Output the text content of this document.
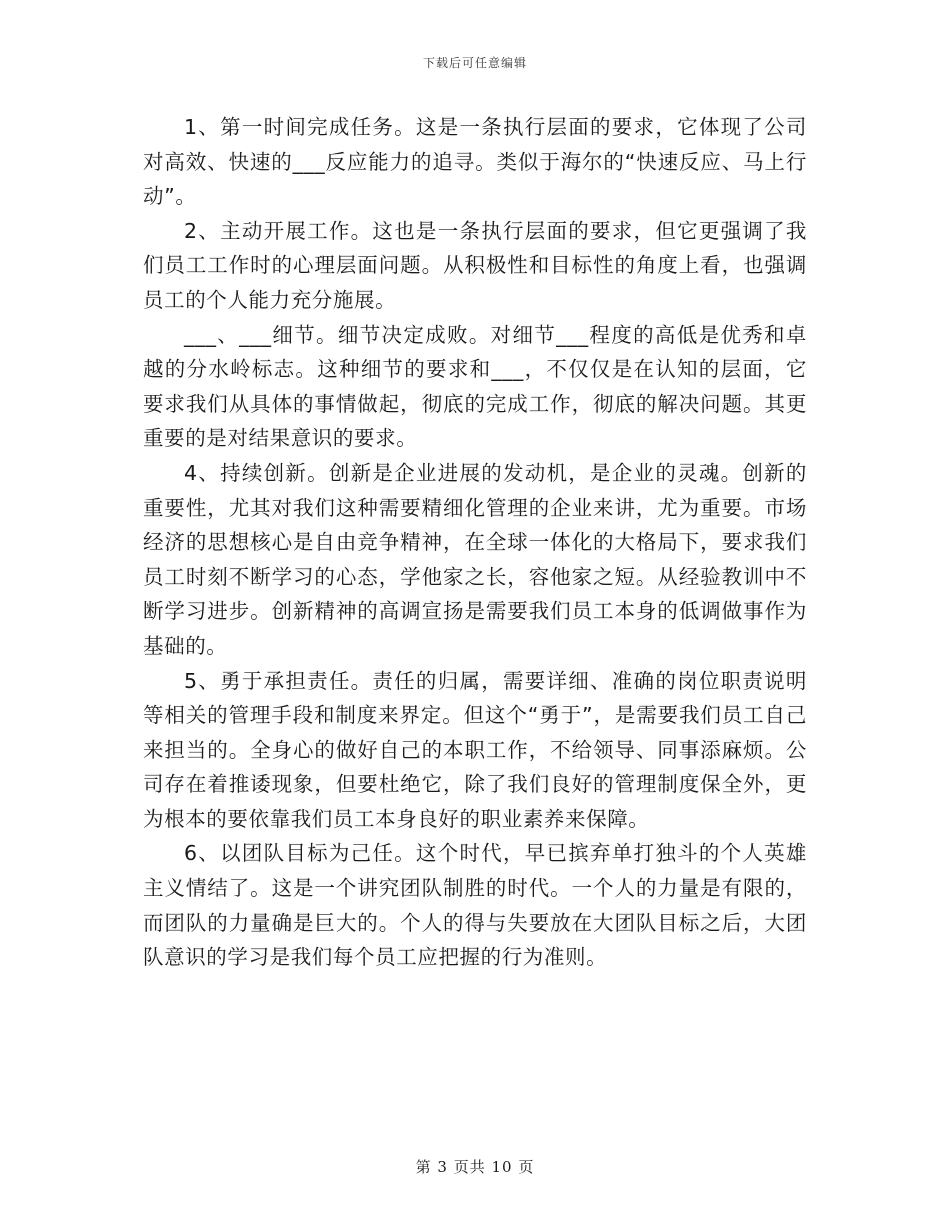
下载后可任意编辑

1、第一时间完成任务。这是一条执行层面的要求，它体现了公司对高效、快速的___反应能力的追寻。类似于海尔的“快速反应、马上行动”。

2、主动开展工作。这也是一条执行层面的要求，但它更强调了我们员工工作时的心理层面问题。从积极性和目标性的角度上看，也强调员工的个人能力充分施展。

___、___细节。细节决定成败。对细节___程度的高低是优秀和卓越的分水岭标志。这种细节的要求和___，不仅仅是在认知的层面，它要求我们从具体的事情做起，彻底的完成工作，彻底的解决问题。其更重要的是对结果意识的要求。

4、持续创新。创新是企业进展的发动机，是企业的灵魂。创新的重要性，尤其对我们这种需要精细化管理的企业来讲，尤为重要。市场经济的思想核心是自由竞争精神，在全球一体化的大格局下，要求我们员工时刻不断学习的心态，学他家之长，容他家之短。从经验教训中不断学习进步。创新精神的高调宣扬是需要我们员工本身的低调做事作为基础的。

5、勇于承担责任。责任的归属，需要详细、准确的岗位职责说明等相关的管理手段和制度来界定。但这个“勇于”，是需要我们员工自己来担当的。全身心的做好自己的本职工作，不给领导、同事添麻烦。公司存在着推诿现象，但要杜绝它，除了我们良好的管理制度保全外，更为根本的要依靠我们员工本身良好的职业素养来保障。

6、以团队目标为己任。这个时代，早已摈弃单打独斗的个人英雄主义情结了。这是一个讲究团队制胜的时代。一个人的力量是有限的，而团队的力量确是巨大的。个人的得与失要放在大团队目标之后，大团队意识的学习是我们每个员工应把握的行为准则。

第 3 页共 10 页
